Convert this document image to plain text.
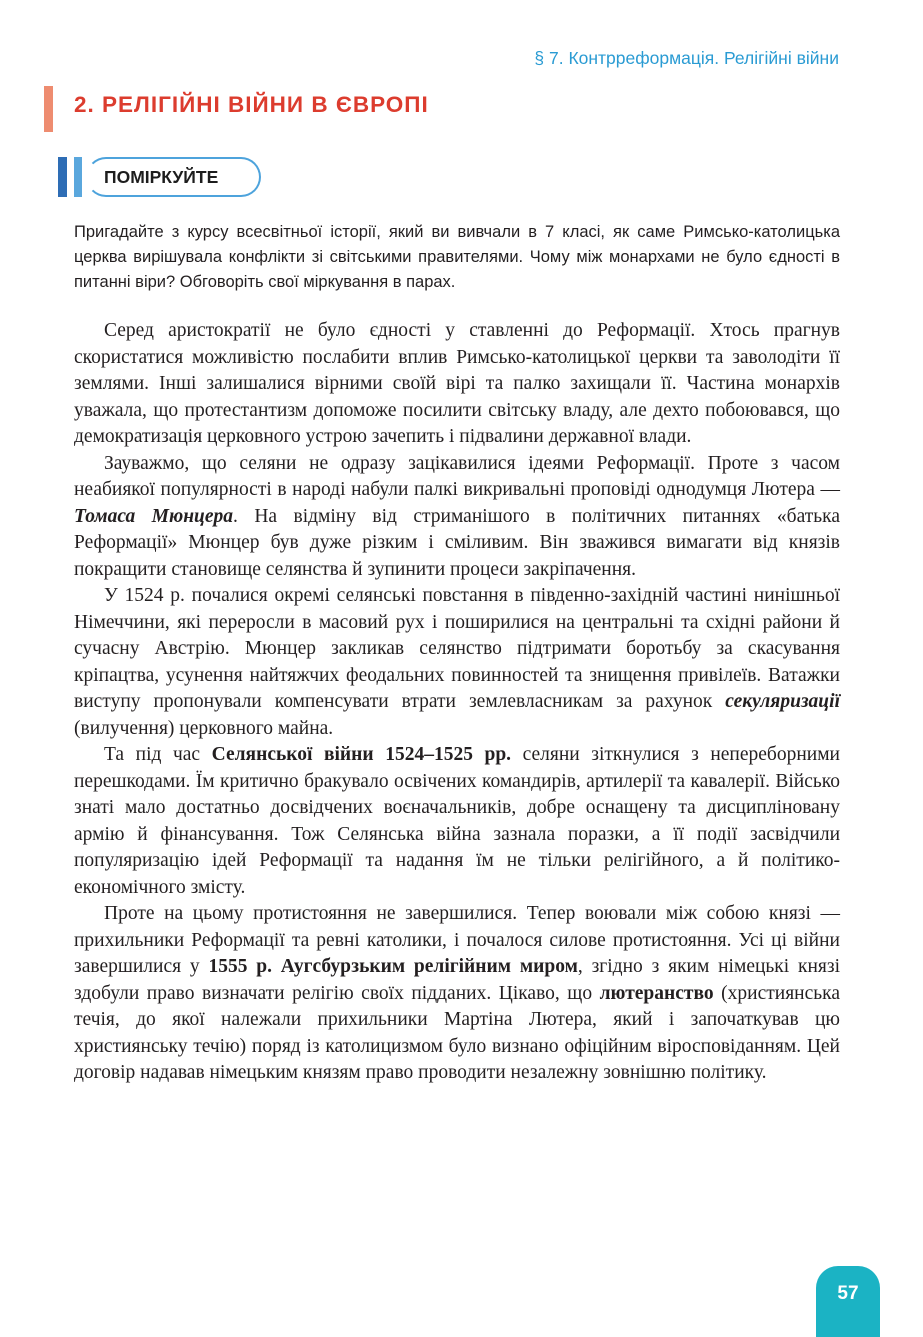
§ 7. Контрреформація. Релігійні війни
2. РЕЛІГІЙНІ ВІЙНИ В ЄВРОПІ
ПОМІРКУЙТЕ

Пригадайте з курсу всесвітньої історії, який ви вивчали в 7 класі, як саме Римсько-католицька церква вирішувала конфлікти зі світськими правителями. Чому між монархами не було єдності в питанні віри? Обговоріть свої міркування в парах.

Серед аристократії не було єдності у ставленні до Реформації. Хтось прагнув скористатися можливістю послабити вплив Римсько-католицької церкви та заволодіти її землями. Інші залишалися вірними своїй вірі та палко захищали її. Частина монархів уважала, що протестантизм допоможе посилити світську владу, але дехто побоювався, що демократизація церковного устрою зачепить і підвалини державної влади.

Зауважмо, що селяни не одразу зацікавилися ідеями Реформації. Проте з часом неабиякої популярності в народі набули палкі викривальні проповіді однодумця Лютера — Томаса Мюнцера. На відміну від стриманішого в політичних питаннях «батька Реформації» Мюнцер був дуже різким і сміливим. Він зважився вимагати від князів покращити становище селянства й зупинити процеси закріпачення.

У 1524 р. почалися окремі селянські повстання в південно-західній частині нинішньої Німеччини, які переросли в масовий рух і поширилися на центральні та східні райони й сучасну Австрію. Мюнцер закликав селянство підтримати боротьбу за скасування кріпацтва, усунення найтяжчих феодальних повинностей та знищення привілеїв. Ватажки виступу пропонували компенсувати втрати землевласникам за рахунок секуляризації (вилучення) церковного майна.

Та під час Селянської війни 1524–1525 рр. селяни зіткнулися з непереборними перешкодами. Їм критично бракувало освічених командирів, артилерії та кавалерії. Військо знаті мало достатньо досвідчених воєначальників, добре оснащену та дисципліновану армію й фінансування. Тож Селянська війна зазнала поразки, а її події засвідчили популяризацію ідей Реформації та надання їм не тільки релігійного, а й політико-економічного змісту.

Проте на цьому протистояння не завершилися. Тепер воювали між собою князі — прихильники Реформації та ревні католики, і почалося силове протистояння. Усі ці війни завершилися у 1555 р. Аугсбурзьким релігійним миром, згідно з яким німецькі князі здобули право визначати релігію своїх підданих. Цікаво, що лютеранство (християнська течія, до якої належали прихильники Мартіна Лютера, який і започаткував цю християнську течію) поряд із католицизмом було визнано офіційним віросповіданням. Цей договір надавав німецьким князям право проводити незалежну зовнішню політику.

57
